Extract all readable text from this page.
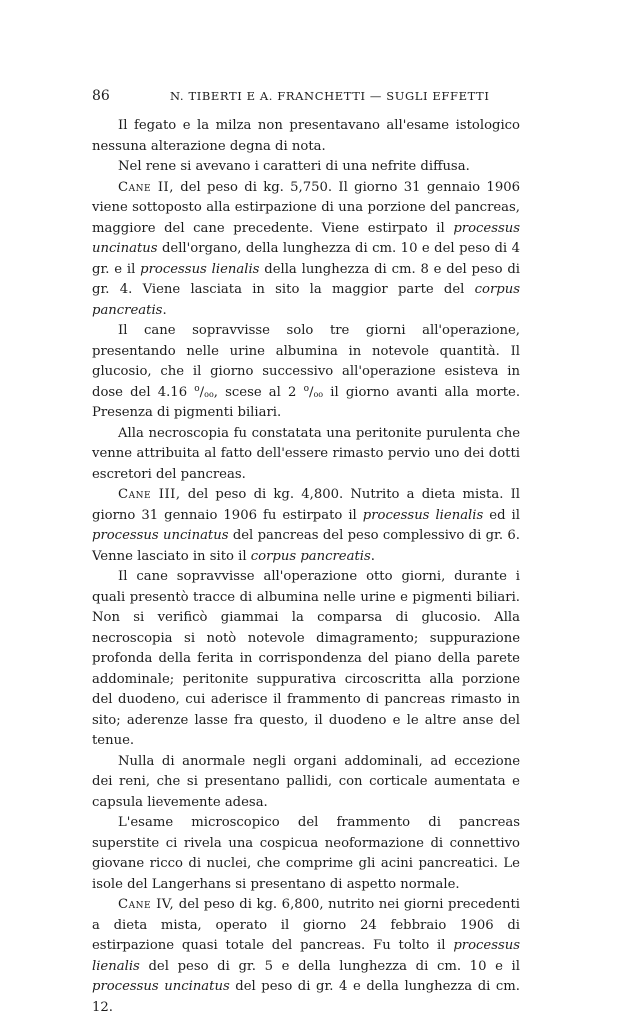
86	N. TIBERTI E A. FRANCHETTI — SUGLI EFFETTI

Il fegato e la milza non presentavano all'esame istologico nessuna alterazione degna di nota.

Nel rene si avevano i caratteri di una nefrite diffusa.

Cane II, del peso di kg. 5,750. Il giorno 31 gennaio 1906 viene sottoposto alla estirpazione di una porzione del pancreas, maggiore del cane precedente. Viene estirpato il processus uncinatus dell'organo, della lunghezza di cm. 10 e del peso di 4 gr. e il processus lienalis della lunghezza di cm. 8 e del peso di gr. 4. Viene lasciata in sito la maggior parte del corpus pancreatis.

Il cane sopravvisse solo tre giorni all'operazione, presentando nelle urine albumina in notevole quantità. Il glucosio, che il giorno successivo all'operazione esisteva in dose del 4.16 $^o/_{oo}$, scese al 2 $^o/_{oo}$ il giorno avanti alla morte. Presenza di pigmenti biliari.

Alla necroscopia fu constatata una peritonite purulenta che venne attribuita al fatto dell'essere rimasto pervio uno dei dotti escretori del pancreas.

Cane III, del peso di kg. 4,800. Nutrito a dieta mista. Il giorno 31 gennaio 1906 fu estirpato il processus lienalis ed il processus uncinatus del pancreas del peso complessivo di gr. 6. Venne lasciato in sito il corpus pancreatis.

Il cane sopravvisse all'operazione otto giorni, durante i quali presentò tracce di albumina nelle urine e pigmenti biliari. Non si verificò giammai la comparsa di glucosio. Alla necroscopia si notò notevole dimagramento; suppurazione profonda della ferita in corrispondenza del piano della parete addominale; peritonite suppurativa circoscritta alla porzione del duodeno, cui aderisce il frammento di pancreas rimasto in sito; aderenze lasse fra questo, il duodeno e le altre anse del tenue.

Nulla di anormale negli organi addominali, ad eccezione dei reni, che si presentano pallidi, con corticale aumentata e capsula lievemente adesa.

L'esame microscopico del frammento di pancreas superstite ci rivela una cospicua neoformazione di connettivo giovane ricco di nuclei, che comprime gli acini pancreatici. Le isole del Langerhans si presentano di aspetto normale.

Cane IV, del peso di kg. 6,800, nutrito nei giorni precedenti a dieta mista, operato il giorno 24 febbraio 1906 di estirpazione quasi totale del pancreas. Fu tolto il processus lienalis del peso di gr. 5 e della lunghezza di cm. 10 e il processus uncinatus del peso di gr. 4 e della lunghezza di cm. 12.
